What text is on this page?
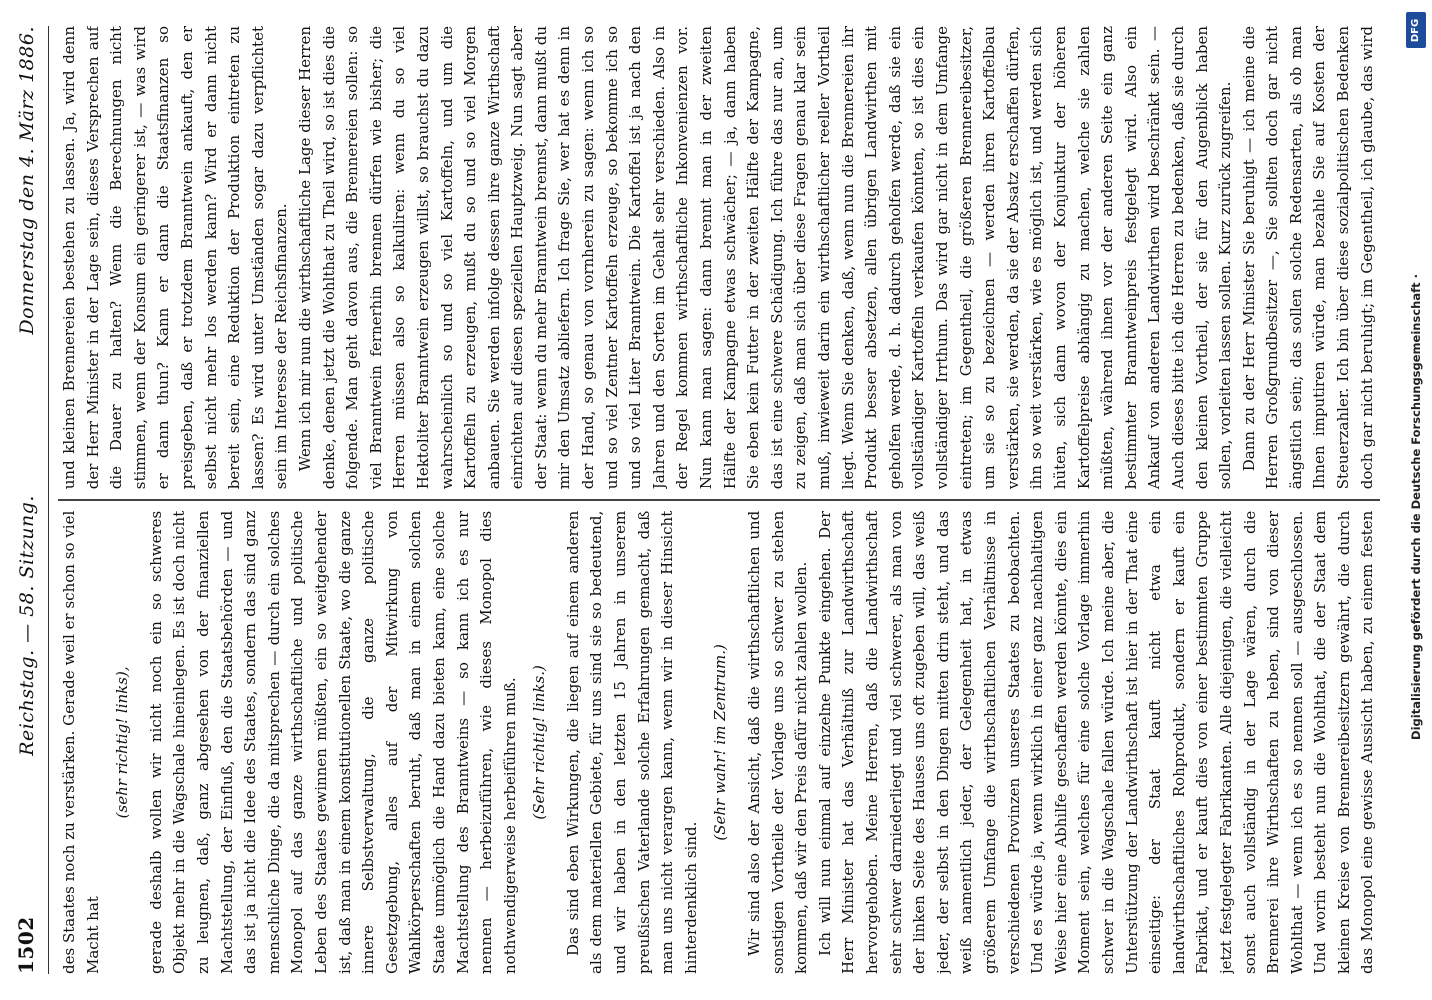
1502
Reichstag. — 58. Sitzung.
Donnerstag den 4. März 1886.

des Staates noch zu verstärken. Gerade weil er schon so viel Macht hat

(sehr richtig! links), gerade deshalb wollen wir nicht noch ein so schweres Objekt mehr in die Wagschale hineinlegen. Es ist doch nicht zu leugnen, daß, ganz abgesehen von der finanziellen Machtstellung, der Einfluß, den die Staatsbehörden — und das ist ja nicht die Idee des Staates, sondern das sind ganz menschliche Dinge, die da mitsprechen — durch ein solches Monopol auf das ganze wirthschaftliche und politische Leben des Staates gewinnen müßten, ein so weitgehender ist, daß man in einem konstitutionellen Staate, wo die ganze innere Selbstverwaltung, die ganze politische Gesetzgebung, alles auf der Mitwirkung von Wahlkörperschaften beruht, daß man in einem solchen Staate unmöglich die Hand dazu bieten kann, eine solche Machtstellung des Branntweins — so kann ich es nur nennen — herbeizuführen, wie dieses Monopol dies nothwendigerweise herbeiführen muß. (Sehr richtig! links.) Das sind eben Wirkungen, die liegen auf einem anderen als dem materiellen Gebiete, für uns sind sie so bedeutend, und wir haben in den letzten 15 Jahren in unserem preußischen Vaterlande solche Erfahrungen gemacht, daß man uns nicht verargen kann, wenn wir in dieser Hinsicht hinterdenklich sind.

(Sehr wahr! im Zentrum.) Wir sind also der Ansicht, daß die wirthschaftlichen und sonstigen Vortheile der Vorlage uns so schwer zu stehen kommen, daß wir den Preis dafür nicht zahlen wollen. Ich will nun einmal auf einzelne Punkte eingehen. Der Herr Minister hat das Verhältniß zur Landwirthschaft hervorgehoben. Meine Herren, daß die Landwirthschaft sehr schwer darniederliegt und viel schwerer, als man von der linken Seite des Hauses uns oft zugeben will, das weiß jeder, der selbst in den Dingen mitten drin steht, und das weiß namentlich jeder, der Gelegenheit hat, in etwas größerem Umfange die wirthschaftlichen Verhältnisse in verschiedenen Provinzen unseres Staates zu beobachten. Und es würde ja, wenn wirklich in einer ganz nachhaltigen Weise hier eine Abhilfe geschaffen werden könnte, dies ein Moment sein, welches für eine solche Vorlage immerhin schwer in die Wagschale fallen würde. Ich meine aber, die Unterstützung der Landwirthschaft ist hier in der That eine einseitige: der Staat kauft nicht etwa ein landwirthschaftliches Rohprodukt, sondern er kauft ein Fabrikat, und er kauft dies von einer bestimmten Gruppe jetzt festgelegter Fabrikanten. Alle diejenigen, die vielleicht sonst auch vollständig in der Lage wären, durch die Brennerei ihre Wirthschaften zu heben, sind von dieser Wohlthat — wenn ich es so nennen soll — ausgeschlossen. Und worin besteht nun die Wohlthat, die der Staat dem kleinen Kreise von Brennereibesitzern gewährt, die durch das Monopol eine gewisse Aussicht haben, zu einem festen

und kleinen Brennereien bestehen zu lassen. Ja, wird denn der Herr Minister in der Lage sein, dieses Versprechen auf die Dauer zu halten? Wenn die Berechnungen nicht stimmen, wenn der Konsum ein geringerer ist, — was wird er dann thun? Kann er dann die Staatsfinanzen so preisgeben, daß er trotzdem Branntwein ankauft, den er selbst nicht mehr los werden kann? Wird er dann nicht bereit sein, eine Reduktion der Produktion eintreten zu lassen? Es wird unter Umständen sogar dazu verpflichtet sein im Interesse der Reichsfinanzen. Wenn ich mir nun die wirthschaftliche Lage dieser Herren denke, denen jetzt die Wohlthat zu Theil wird, so ist dies die folgende. Man geht davon aus, die Brennereien sollen: so viel Branntwein fernerhin brennen dürfen wie bisher; die Herren müssen also so kalkuliren: wenn du so viel Hektoliter Branntwein erzeugen willst, so brauchst du dazu wahrscheinlich so und so viel Kartoffeln, und um die Kartoffeln zu erzeugen, mußt du so und so viel Morgen anbauen. Sie werden infolge dessen ihre ganze Wirthschaft einrichten auf diesen speziellen Hauptzweig. Nun sagt aber der Staat: wenn du mehr Branntwein brennst, dann mußt du mir den Umsatz abliefern. Ich frage Sie, wer hat es denn in der Hand, so genau von vornherein zu sagen: wenn ich so und so viel Zentner Kartoffeln erzeuge, so bekomme ich so und so viel Liter Branntwein. Die Kartoffel ist ja nach den Jahren und den Sorten im Gehalt sehr verschieden. Also in der Regel kommen wirthschaftliche Inkonvenienzen vor. Nun kann man sagen: dann brennt man in der zweiten Hälfte der Kampagne etwas schwächer; — ja, dann haben Sie eben kein Futter in der zweiten Hälfte der Kampagne, das ist eine schwere Schädigung. Ich führe das nur an, um zu zeigen, daß man sich über diese Fragen genau klar sein muß, inwieweit darin ein wirthschaftlicher reeller Vortheil liegt. Wenn Sie denken, daß, wenn nun die Brennereien ihr Produkt besser absetzen, allen übrigen Landwirthen mit geholfen werde, d. h. dadurch geholfen werde, daß sie ein vollständiger Kartoffeln verkaufen könnten, so ist dies ein vollständiger Irrthum. Das wird gar nicht in dem Umfange eintreten; im Gegentheil, die größeren Brennereibesitzer, um sie so zu bezeichnen — werden ihren Kartoffelbau verstärken, sie werden, da sie der Absatz erschaffen dürfen, ihn so weit verstärken, wie es möglich ist, und werden sich hüten, sich dann wovon der Konjunktur der höheren Kartoffelpreise abhängig zu machen, welche sie zahlen müßten, während ihnen vor der anderen Seite ein ganz bestimmter Branntweinpreis festgelegt wird. Also ein Ankauf von anderen Landwirthen wird beschränkt sein. — Auch dieses bitte ich die Herren zu bedenken, daß sie durch den kleinen Vortheil, der sie für den Augenblick haben sollen, vorleiten lassen sollen. Kurz zurück zugreifen. Dann zu der Herr Minister Sie beruhigt — ich meine die Herren Großgrundbesitzer —, Sie sollten doch gar nicht ängstlich sein; das sollen solche Redensarten, als ob man Ihnen imputiren würde, man bezahle Sie auf Kosten der Steuerzahler. Ich bin über diese sozialpolitischen Bedenken doch gar nicht beruhigt; im Gegentheil, ich glaube, das wird	DFG
Digitalisierung gefördert durch die Deutsche Forschungsgemeinschaft ·
